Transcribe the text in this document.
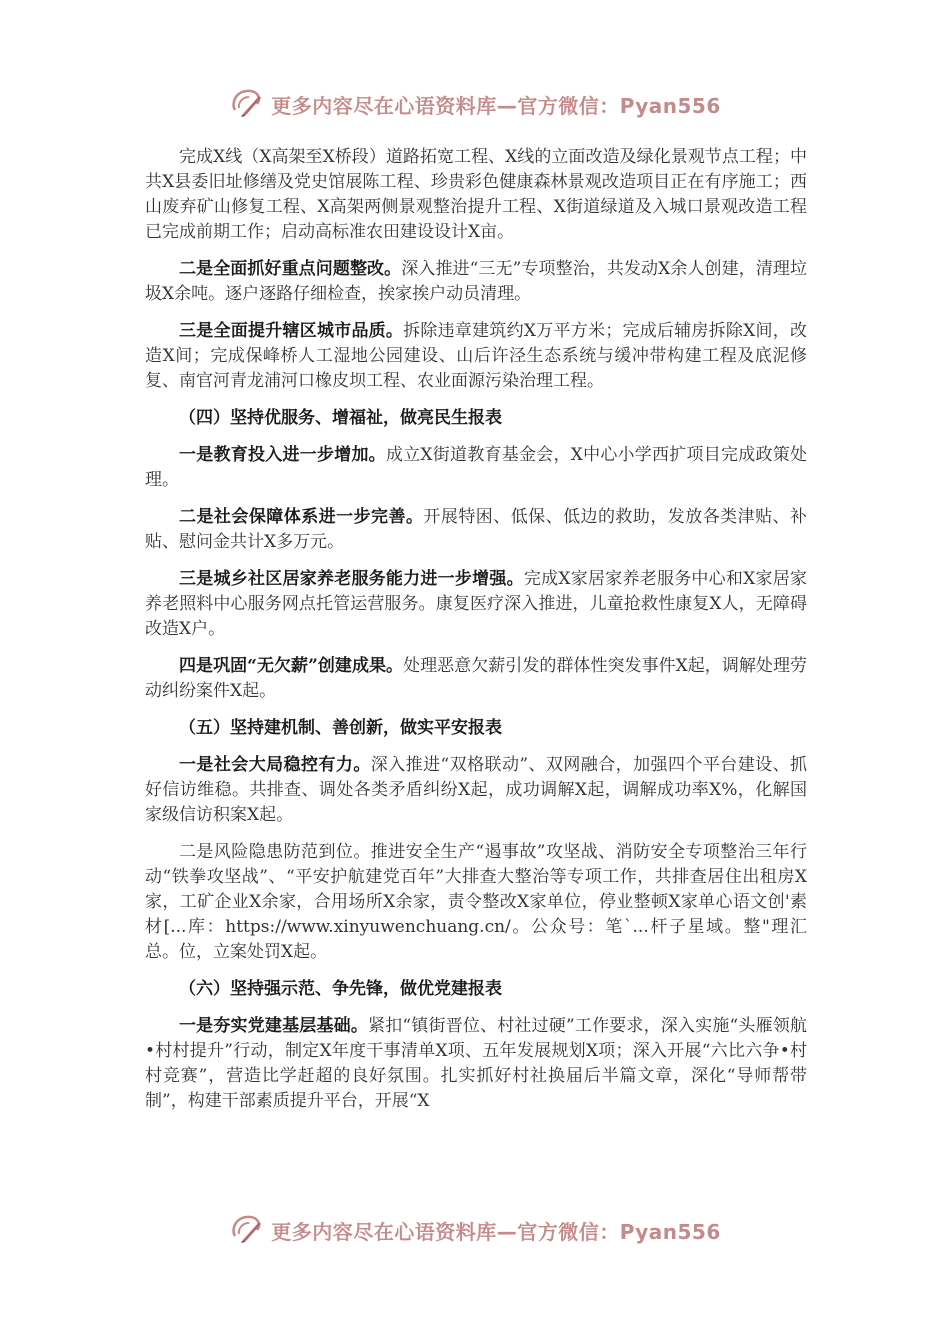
更多内容尽在心语资料库—官方微信：Pyan556

完成X线（X高架至X桥段）道路拓宽工程、X线的立面改造及绿化景观节点工程；中共X县委旧址修缮及党史馆展陈工程、珍贵彩色健康森林景观改造项目正在有序施工；西山废弃矿山修复工程、X高架两侧景观整治提升工程、X街道绿道及入城口景观改造工程已完成前期工作；启动高标准农田建设设计X亩。

二是全面抓好重点问题整改。深入推进“三无”专项整治，共发动X余人创建，清理垃圾X余吨。逐户逐路仔细检查，挨家挨户动员清理。

三是全面提升辖区城市品质。拆除违章建筑约X万平方米；完成后辅房拆除X间，改造X间；完成保峰桥人工湿地公园建设、山后许泾生态系统与缓冲带构建工程及底泥修复、南官河青龙浦河口橡皮坝工程、农业面源污染治理工程。

（四）坚持优服务、增福祉，做亮民生报表

一是教育投入进一步增加。成立X街道教育基金会，X中心小学西扩项目完成政策处理。

二是社会保障体系进一步完善。开展特困、低保、低边的救助，发放各类津贴、补贴、慰问金共计X多万元。

三是城乡社区居家养老服务能力进一步增强。完成X家居家养老服务中心和X家居家养老照料中心服务网点托管运营服务。康复医疗深入推进，儿童抢救性康复X人，无障碍改造X户。

四是巩固“无欠薪”创建成果。处理恶意欠薪引发的群体性突发事件X起，调解处理劳动纠纷案件X起。

（五）坚持建机制、善创新，做实平安报表

一是社会大局稳控有力。深入推进“双格联动”、双网融合，加强四个平台建设、抓好信访维稳。共排查、调处各类矛盾纠纷X起，成功调解X起，调解成功率X%，化解国家级信访积案X起。

二是风险隐患防范到位。推进安全生产“遏事故”攻坚战、消防安全专项整治三年行动“铁拳攻坚战”、“平安护航建党百年”大排查大整治等专项工作，共排查居住出租房X家，工矿企业X余家，合用场所X余家，责令整改X家单位，停业整顿X家单心语文创'素材[...库：https://www.xinyuwenchuang.cn/。公众号：笔`...杆子星域。整"理汇总。位，立案处罚X起。

（六）坚持强示范、争先锋，做优党建报表

一是夯实党建基层基础。紧扣“镇街晋位、村社过硬”工作要求，深入实施“头雁领航•村村提升”行动，制定X年度干事清单X项、五年发展规划X项；深入开展“六比六争•村村竞赛”，营造比学赶超的良好氛围。扎实抓好村社换届后半篇文章，深化“导师帮带制”，构建干部素质提升平台，开展“X

更多内容尽在心语资料库—官方微信：Pyan556
